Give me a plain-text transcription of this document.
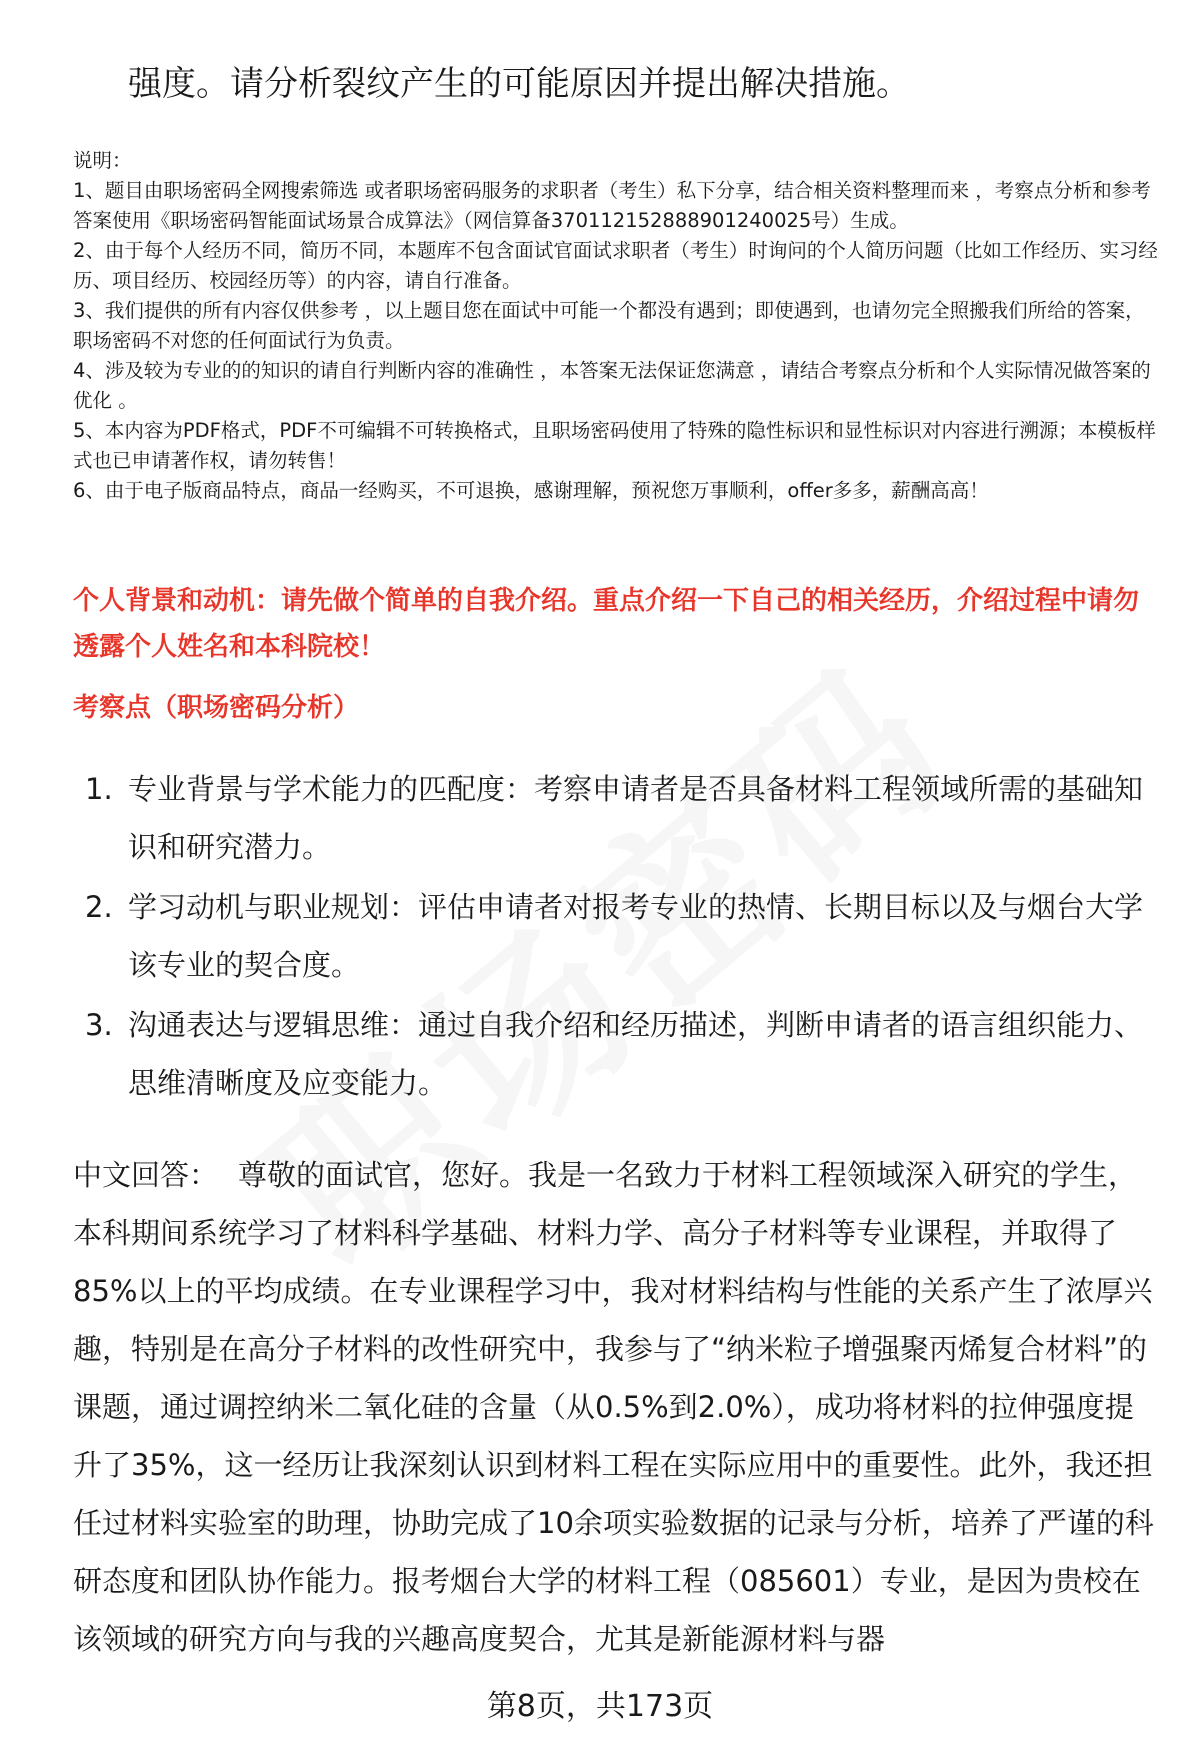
强度。请分析裂纹产生的可能原因并提出解决措施。

说明：

1、题目由职场密码全网搜索筛选 或者职场密码服务的求职者（考生）私下分享，结合相关资料整理而来 ，考察点分析和参考答案使用《职场密码智能面试场景合成算法》（网信算备370112152888901240025号）生成。

2、由于每个人经历不同，简历不同，本题库不包含面试官面试求职者（考生）时询问的个人简历问题（比如工作经历、实习经历、项目经历、校园经历等）的内容，请自行准备。

3、我们提供的所有内容仅供参考 ，以上题目您在面试中可能一个都没有遇到；即使遇到，也请勿完全照搬我们所给的答案，职场密码不对您的任何面试行为负责。

4、涉及较为专业的的知识的请自行判断内容的准确性 ，本答案无法保证您满意 ，请结合考察点分析和个人实际情况做答案的优化 。

5、本内容为PDF格式，PDF不可编辑不可转换格式，且职场密码使用了特殊的隐性标识和显性标识对内容进行溯源；本模板样式也已申请著作权，请勿转售！

6、由于电子版商品特点，商品一经购买，不可退换，感谢理解，预祝您万事顺利，offer多多，薪酬高高！

个人背景和动机：请先做个简单的自我介绍。重点介绍一下自己的相关经历，介绍过程中请勿透露个人姓名和本科院校！
考察点（职场密码分析）
1. 专业背景与学术能力的匹配度：考察申请者是否具备材料工程领域所需的基础知识和研究潜力。
2. 学习动机与职业规划：评估申请者对报考专业的热情、长期目标以及与烟台大学该专业的契合度。
3. 沟通表达与逻辑思维：通过自我介绍和经历描述，判断申请者的语言组织能力、思维清晰度及应变能力。
中文回答： 尊敬的面试官，您好。我是一名致力于材料工程领域深入研究的学生，本科期间系统学习了材料科学基础、材料力学、高分子材料等专业课程，并取得了85%以上的平均成绩。在专业课程学习中，我对材料结构与性能的关系产生了浓厚兴趣，特别是在高分子材料的改性研究中，我参与了“纳米粒子增强聚丙烯复合材料”的课题，通过调控纳米二氧化硅的含量（从0.5%到2.0%），成功将材料的拉伸强度提升了35%，这一经历让我深刻认识到材料工程在实际应用中的重要性。此外，我还担任过材料实验室的助理，协助完成了10余项实验数据的记录与分析，培养了严谨的科研态度和团队协作能力。报考烟台大学的材料工程（085601）专业，是因为贵校在该领域的研究方向与我的兴趣高度契合，尤其是新能源材料与器
第8页，共173页
